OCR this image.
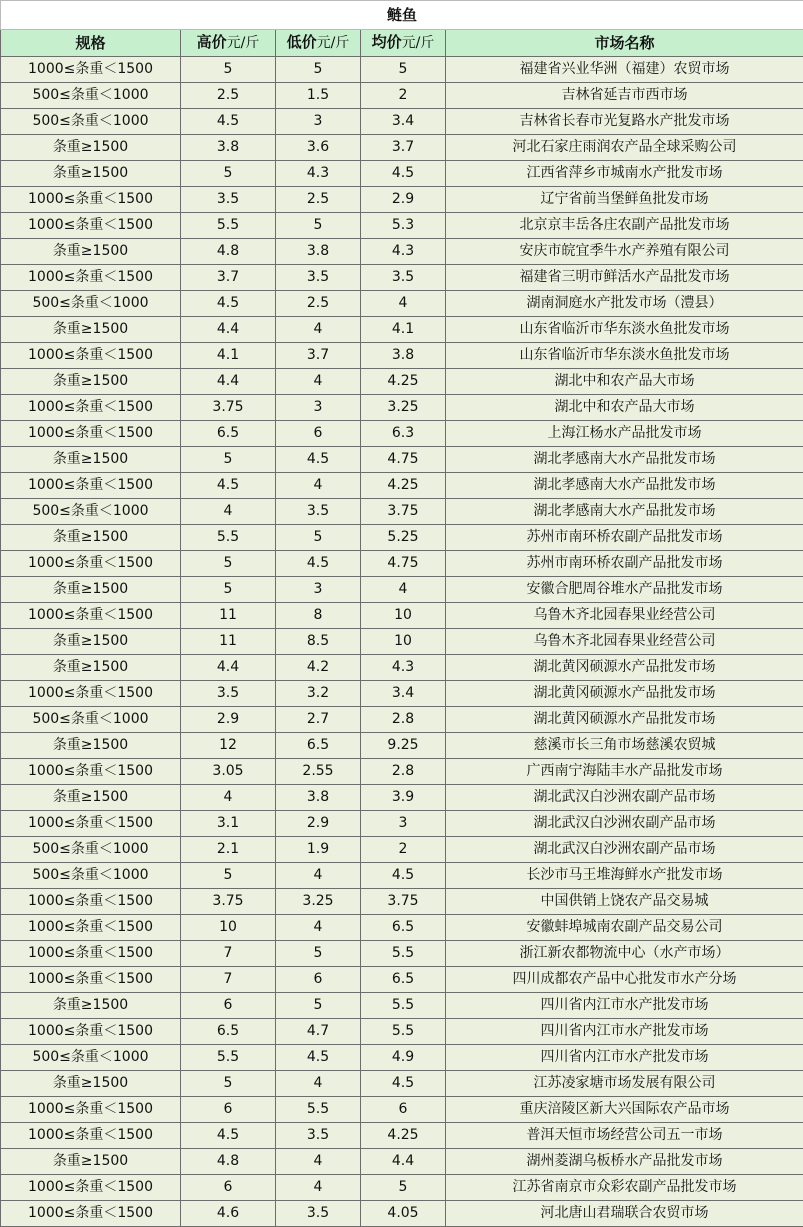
鲢鱼				
规格	高价元/斤	低价元/斤	均价元/斤	市场名称
1000≤条重＜1500	5	5	5	福建省兴业华洲（福建）农贸市场
500≤条重＜1000	2.5	1.5	2	吉林省延吉市西市场
500≤条重＜1000	4.5	3	3.4	吉林省长春市光复路水产批发市场
条重≥1500	3.8	3.6	3.7	河北石家庄雨润农产品全球采购公司
条重≥1500	5	4.3	4.5	江西省萍乡市城南水产批发市场
1000≤条重＜1500	3.5	2.5	2.9	辽宁省前当堡鲜鱼批发市场
1000≤条重＜1500	5.5	5	5.3	北京京丰岳各庄农副产品批发市场
条重≥1500	4.8	3.8	4.3	安庆市皖宜季牛水产养殖有限公司
1000≤条重＜1500	3.7	3.5	3.5	福建省三明市鲜活水产品批发市场
500≤条重＜1000	4.5	2.5	4	湖南洞庭水产批发市场（澧县）
条重≥1500	4.4	4	4.1	山东省临沂市华东淡水鱼批发市场
1000≤条重＜1500	4.1	3.7	3.8	山东省临沂市华东淡水鱼批发市场
条重≥1500	4.4	4	4.25	湖北中和农产品大市场
1000≤条重＜1500	3.75	3	3.25	湖北中和农产品大市场
1000≤条重＜1500	6.5	6	6.3	上海江杨水产品批发市场
条重≥1500	5	4.5	4.75	湖北孝感南大水产品批发市场
1000≤条重＜1500	4.5	4	4.25	湖北孝感南大水产品批发市场
500≤条重＜1000	4	3.5	3.75	湖北孝感南大水产品批发市场
条重≥1500	5.5	5	5.25	苏州市南环桥农副产品批发市场
1000≤条重＜1500	5	4.5	4.75	苏州市南环桥农副产品批发市场
条重≥1500	5	3	4	安徽合肥周谷堆水产品批发市场
1000≤条重＜1500	11	8	10	乌鲁木齐北园春果业经营公司
条重≥1500	11	8.5	10	乌鲁木齐北园春果业经营公司
条重≥1500	4.4	4.2	4.3	湖北黄冈硕源水产品批发市场
1000≤条重＜1500	3.5	3.2	3.4	湖北黄冈硕源水产品批发市场
500≤条重＜1000	2.9	2.7	2.8	湖北黄冈硕源水产品批发市场
条重≥1500	12	6.5	9.25	慈溪市长三角市场慈溪农贸城
1000≤条重＜1500	3.05	2.55	2.8	广西南宁海陆丰水产品批发市场
条重≥1500	4	3.8	3.9	湖北武汉白沙洲农副产品市场
1000≤条重＜1500	3.1	2.9	3	湖北武汉白沙洲农副产品市场
500≤条重＜1000	2.1	1.9	2	湖北武汉白沙洲农副产品市场
500≤条重＜1000	5	4	4.5	长沙市马王堆海鲜水产批发市场
1000≤条重＜1500	3.75	3.25	3.75	中国供销上饶农产品交易城
1000≤条重＜1500	10	4	6.5	安徽蚌埠城南农副产品交易公司
1000≤条重＜1500	7	5	5.5	浙江新农都物流中心（水产市场）
1000≤条重＜1500	7	6	6.5	四川成都农产品中心批发市水产分场
条重≥1500	6	5	5.5	四川省内江市水产批发市场
1000≤条重＜1500	6.5	4.7	5.5	四川省内江市水产批发市场
500≤条重＜1000	5.5	4.5	4.9	四川省内江市水产批发市场
条重≥1500	5	4	4.5	江苏凌家塘市场发展有限公司
1000≤条重＜1500	6	5.5	6	重庆涪陵区新大兴国际农产品市场
1000≤条重＜1500	4.5	3.5	4.25	普洱天恒市场经营公司五一市场
条重≥1500	4.8	4	4.4	湖州菱湖乌板桥水产品批发市场
1000≤条重＜1500	6	4	5	江苏省南京市众彩农副产品批发市场
1000≤条重＜1500	4.6	3.5	4.05	河北唐山君瑞联合农贸市场
